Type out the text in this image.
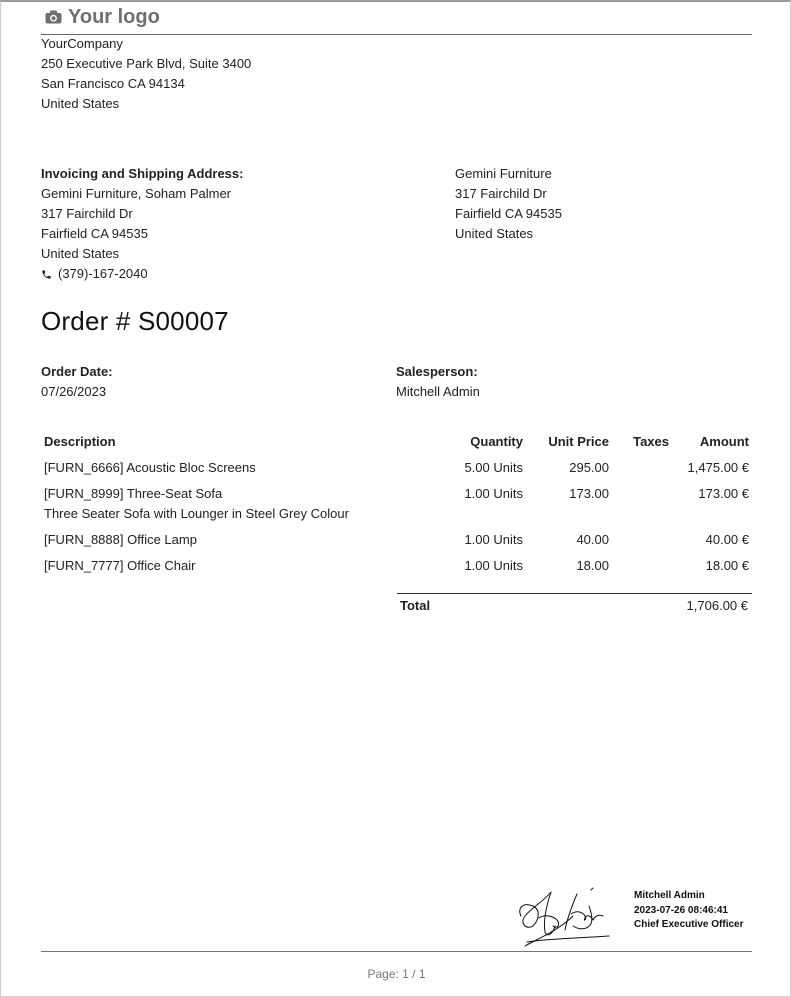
Your logo
YourCompany
250 Executive Park Blvd, Suite 3400
San Francisco CA 94134
United States
Invoicing and Shipping Address:
Gemini Furniture, Soham Palmer
317 Fairchild Dr
Fairfield CA 94535
United States
(379)-167-2040
Gemini Furniture
317 Fairchild Dr
Fairfield CA 94535
United States
Order # S00007
Order Date:
07/26/2023
Salesperson:
Mitchell Admin
Description	Quantity	Unit Price	Taxes	Amount

[FURN_6666] Acoustic Bloc Screens	5.00 Units	295.00		1,475.00 €

[FURN_8999] Three-Seat Sofa
Three Seater Sofa with Lounger in Steel Grey Colour	1.00 Units	173.00		173.00 €

[FURN_8888] Office Lamp	1.00 Units	40.00		40.00 €

[FURN_7777] Office Chair	1.00 Units	18.00		18.00 €
Total	1,706.00 €
Mitchell Admin
2023-07-26 08:46:41
Chief Executive Officer
Page: 1 / 1
